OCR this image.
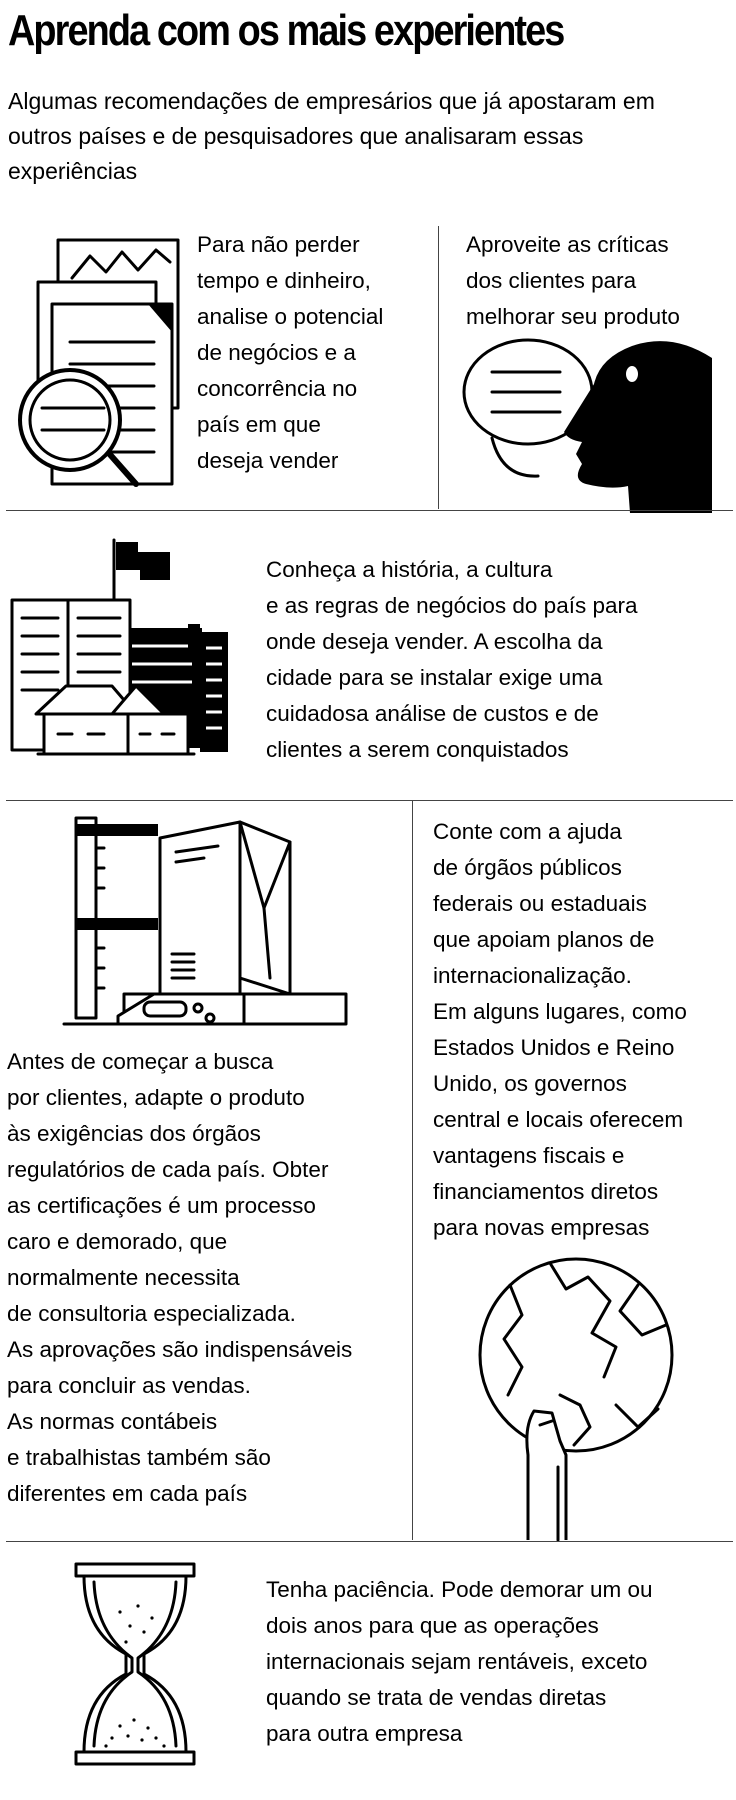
Aprenda com os mais experientes

Algumas recomendações de empresários que já apostaram em outros países e de pesquisadores que analisaram essas experiências

Para não perder
tempo e dinheiro,
analise o potencial
de negócios e a
concorrência no
país em que
deseja vender

Aproveite as críticas
dos clientes para
melhorar seu produto

Conheça a história, a cultura
e as regras de negócios do país para
onde deseja vender. A escolha da
cidade para se instalar exige uma
cuidadosa análise de custos e de
clientes a serem conquistados

Antes de começar a busca
por clientes, adapte o produto
às exigências dos órgãos
regulatórios de cada país. Obter
as certificações é um processo
caro e demorado, que
normalmente necessita
de consultoria especializada.
As aprovações são indispensáveis
para concluir as vendas.
As normas contábeis
e trabalhistas também são
diferentes em cada país

Conte com a ajuda
de órgãos públicos
federais ou estaduais
que apoiam planos de
internacionalização.
Em alguns lugares, como
Estados Unidos e Reino
Unido, os governos
central e locais oferecem
vantagens fiscais e
financiamentos diretos
para novas empresas

Tenha paciência. Pode demorar um ou
dois anos para que as operações
internacionais sejam rentáveis, exceto
quando se trata de vendas diretas
para outra empresa
